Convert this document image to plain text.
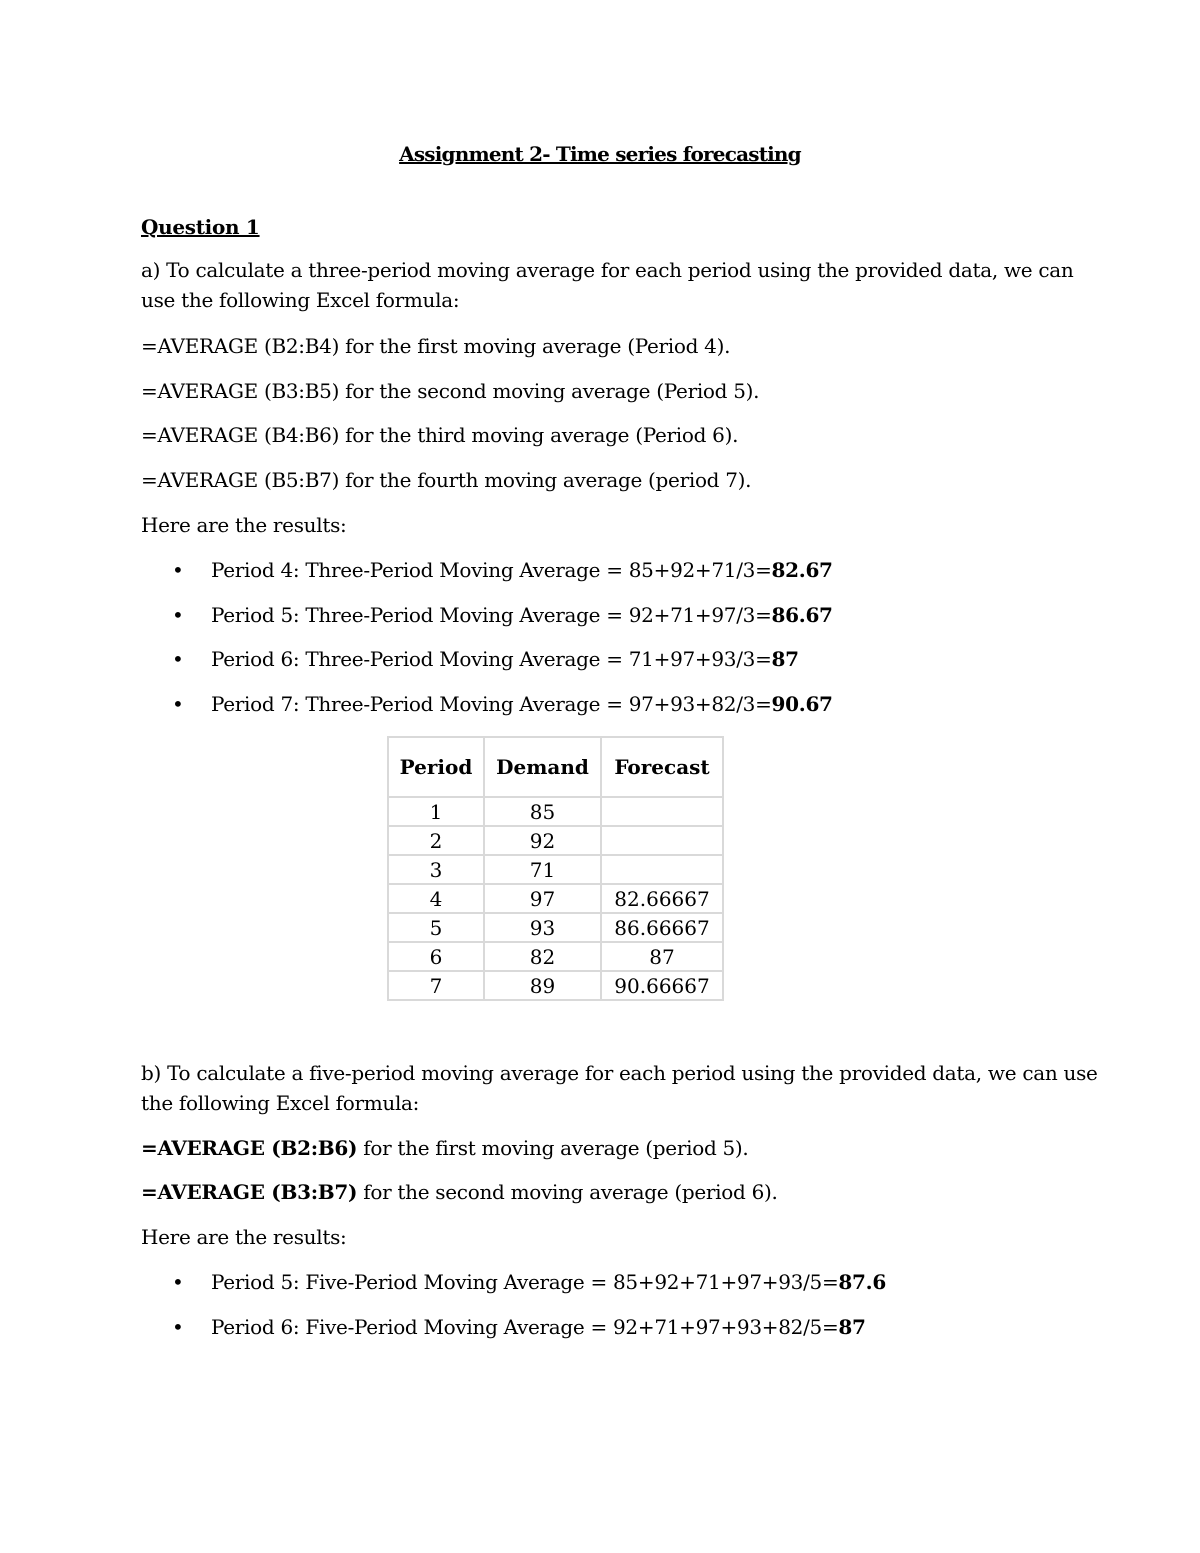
Assignment 2- Time series forecasting

Question 1

a) To calculate a three-period moving average for each period using the provided data, we can

use the following Excel formula:

=AVERAGE (B2:B4) for the first moving average (Period 4).

=AVERAGE (B3:B5) for the second moving average (Period 5).

=AVERAGE (B4:B6) for the third moving average (Period 6).

=AVERAGE (B5:B7) for the fourth moving average (period 7).

Here are the results:

• Period 4: Three-Period Moving Average = 85+92+71/3=82.67
• Period 5: Three-Period Moving Average = 92+71+97/3=86.67
• Period 6: Three-Period Moving Average = 71+97+93/3=87
• Period 7: Three-Period Moving Average = 97+93+82/3=90.67
Period	Demand	Forecast
1	85	
2	92	
3	71	
4	97	82.66667
5	93	86.66667
6	82	87
7	89	90.66667

b) To calculate a five-period moving average for each period using the provided data, we can use

the following Excel formula:

=AVERAGE (B2:B6) for the first moving average (period 5).

=AVERAGE (B3:B7) for the second moving average (period 6).

Here are the results:

• Period 5: Five-Period Moving Average = 85+92+71+97+93/5=87.6
• Period 6: Five-Period Moving Average = 92+71+97+93+82/5=87
